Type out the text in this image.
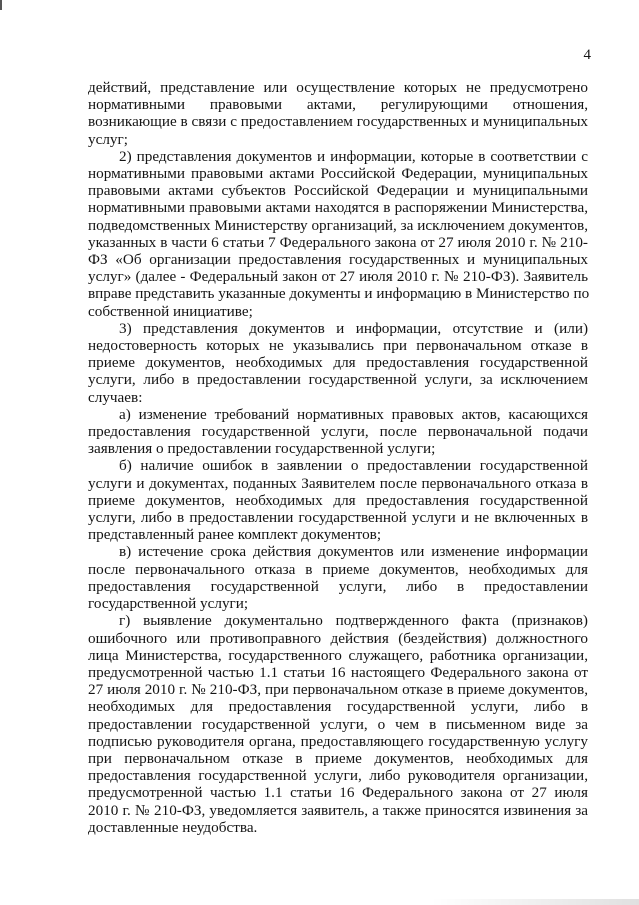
4
действий, представление или осуществление которых не предусмотрено
нормативными правовыми актами, регулирующими отношения,
возникающие в связи с предоставлением государственных и муниципальных
услуг;
2) представления документов и информации, которые в соответствии с
нормативными правовыми актами Российской Федерации, муниципальных
правовыми актами субъектов Российской Федерации и муниципальными
нормативными правовыми актами находятся в распоряжении Министерства,
подведомственных Министерству организаций, за исключением документов,
указанных в части 6 статьи 7 Федерального закона от 27 июля 2010 г. № 210-
ФЗ «Об организации предоставления государственных и муниципальных
услуг» (далее - Федеральный закон от 27 июля 2010 г. № 210-ФЗ). Заявитель
вправе представить указанные документы и информацию в Министерство по
собственной инициативе;
3) представления документов и информации, отсутствие и (или)
недостоверность которых не указывались при первоначальном отказе в
приеме документов, необходимых для предоставления государственной
услуги, либо в предоставлении государственной услуги, за исключением
случаев:
а) изменение требований нормативных правовых актов, касающихся
предоставления государственной услуги, после первоначальной подачи
заявления о предоставлении государственной услуги;
б) наличие ошибок в заявлении о предоставлении государственной
услуги и документах, поданных Заявителем после первоначального отказа в
приеме документов, необходимых для предоставления государственной
услуги, либо в предоставлении государственной услуги и не включенных в
представленный ранее комплект документов;
в) истечение срока действия документов или изменение информации
после первоначального отказа в приеме документов, необходимых для
предоставления государственной услуги, либо в предоставлении
государственной услуги;
г) выявление документально подтвержденного факта (признаков)
ошибочного или противоправного действия (бездействия) должностного
лица Министерства, государственного служащего, работника организации,
предусмотренной частью 1.1 статьи 16 настоящего Федерального закона от
27 июля 2010 г. № 210-ФЗ, при первоначальном отказе в приеме документов,
необходимых для предоставления государственной услуги, либо в
предоставлении государственной услуги, о чем в письменном виде за
подписью руководителя органа, предоставляющего государственную услугу
при первоначальном отказе в приеме документов, необходимых для
предоставления государственной услуги, либо руководителя организации,
предусмотренной частью 1.1 статьи 16 Федерального закона от 27 июля
2010 г. № 210-ФЗ, уведомляется заявитель, а также приносятся извинения за
доставленные неудобства.
